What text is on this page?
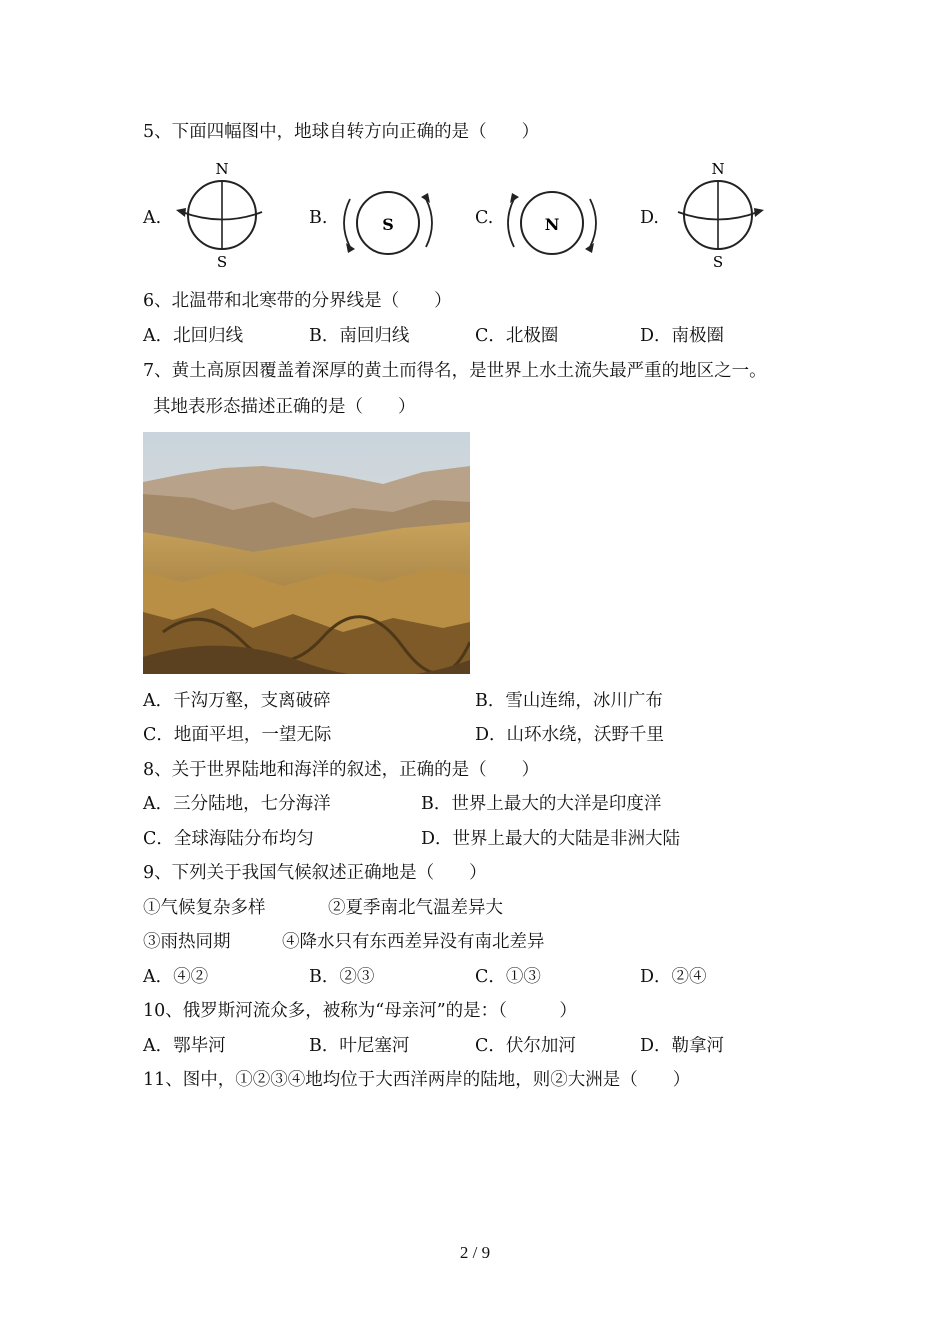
5、下面四幅图中，地球自转方向正确的是（　　）
A.
N
S
B.	S	C.	N	D.
N
S
6、北温带和北寒带的分界线是（　　）
A．北回归线	B．南回归线	C．北极圈	D．南极圈
7、黄土高原因覆盖着深厚的黄土而得名，是世界上水土流失最严重的地区之一。
其地表形态描述正确的是（　　）
A．千沟万壑，支离破碎	B．雪山连绵，冰川广布
C．地面平坦，一望无际	D．山环水绕，沃野千里
8、关于世界陆地和海洋的叙述，正确的是（　　）
A．三分陆地，七分海洋	B．世界上最大的大洋是印度洋
C．全球海陆分布均匀	D．世界上最大的大陆是非洲大陆
9、下列关于我国气候叙述正确地是（　　）
①气候复杂多样	②夏季南北气温差异大
③雨热同期	④降水只有东西差异没有南北差异
A．④②	B．②③	C．①③	D．②④
10、俄罗斯河流众多，被称为“母亲河”的是：（　　　）
A．鄂毕河	B．叶尼塞河	C．伏尔加河	D．勒拿河
11、图中，①②③④地均位于大西洋两岸的陆地，则②大洲是（　　）
2 / 9
